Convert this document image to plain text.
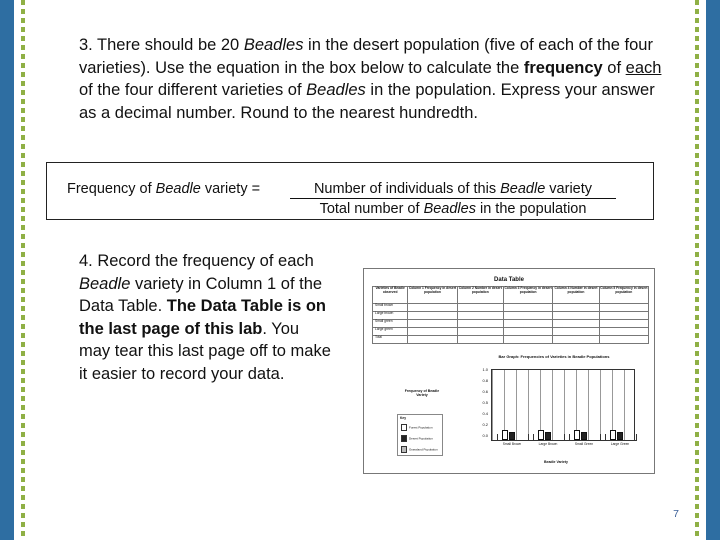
3. There should be 20 Beadles in the desert population (five of each of the four varieties). Use the equation in the box below to calculate the frequency of each of the four different varieties of Beadles in the population. Express your answer as a decimal number. Round to the nearest hundredth.
Frequency of Beadle variety =	Number of individuals of this Beadle variety
Total number of Beadles in the population
4. Record the frequency of each Beadle variety in Column 1 of the Data Table. The Data Table is on the last page of this lab. You may tear this last page off to make it easier to record your data.
Data Table
Varieties of Beadle observed	Column 1 Frequency in desert population	Column 2 Number in desert population	Column 3 Frequency in desert population	Column 4 Number in desert population	Column 5 Frequency in desert population
Small brown					
Large brown					
Small green					
Large green					
Total					
Bar Graph: Frequencies of Varieties in Beadle Populations
Frequency of Beadle Variety
Key
Forest Population
Desert Population
Grassland Population
1.0
0.8
0.6
0.5
0.4
0.2
0.0
Small Brown	Large Brown	Small Green	Large Green
Beadle Variety
7
